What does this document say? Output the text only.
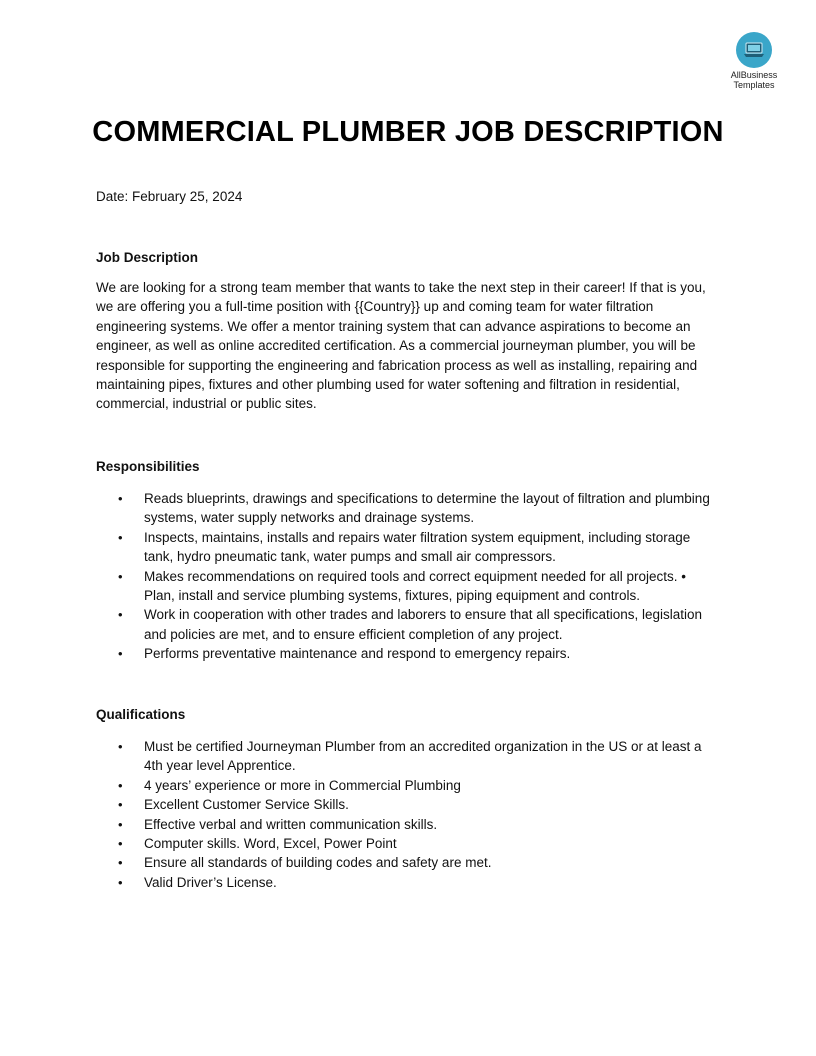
AllBusiness
Templates
COMMERCIAL PLUMBER JOB DESCRIPTION
Date: February 25, 2024
Job Description

We are looking for a strong team member that wants to take the next step in their career! If that is you, we are offering you a full-time position with {{Country}} up and coming team for water filtration engineering systems. We offer a mentor training system that can advance aspirations to become an engineer, as well as online accredited certification. As a commercial journeyman plumber, you will be responsible for supporting the engineering and fabrication process as well as installing, repairing and maintaining pipes, fixtures and other plumbing used for water softening and filtration in residential, commercial, industrial or public sites.

Responsibilities
• Reads blueprints, drawings and specifications to determine the layout of filtration and plumbing systems, water supply networks and drainage systems.
• Inspects, maintains, installs and repairs water filtration system equipment, including storage tank, hydro pneumatic tank, water pumps and small air compressors.
• Makes recommendations on required tools and correct equipment needed for all projects. • Plan, install and service plumbing systems, fixtures, piping equipment and controls.
• Work in cooperation with other trades and laborers to ensure that all specifications, legislation and policies are met, and to ensure efficient completion of any project.
• Performs preventative maintenance and respond to emergency repairs.
Qualifications
• Must be certified Journeyman Plumber from an accredited organization in the US or at least a 4th year level Apprentice.
• 4 years’ experience or more in Commercial Plumbing
• Excellent Customer Service Skills.
• Effective verbal and written communication skills.
• Computer skills. Word, Excel, Power Point
• Ensure all standards of building codes and safety are met.
• Valid Driver’s License.
